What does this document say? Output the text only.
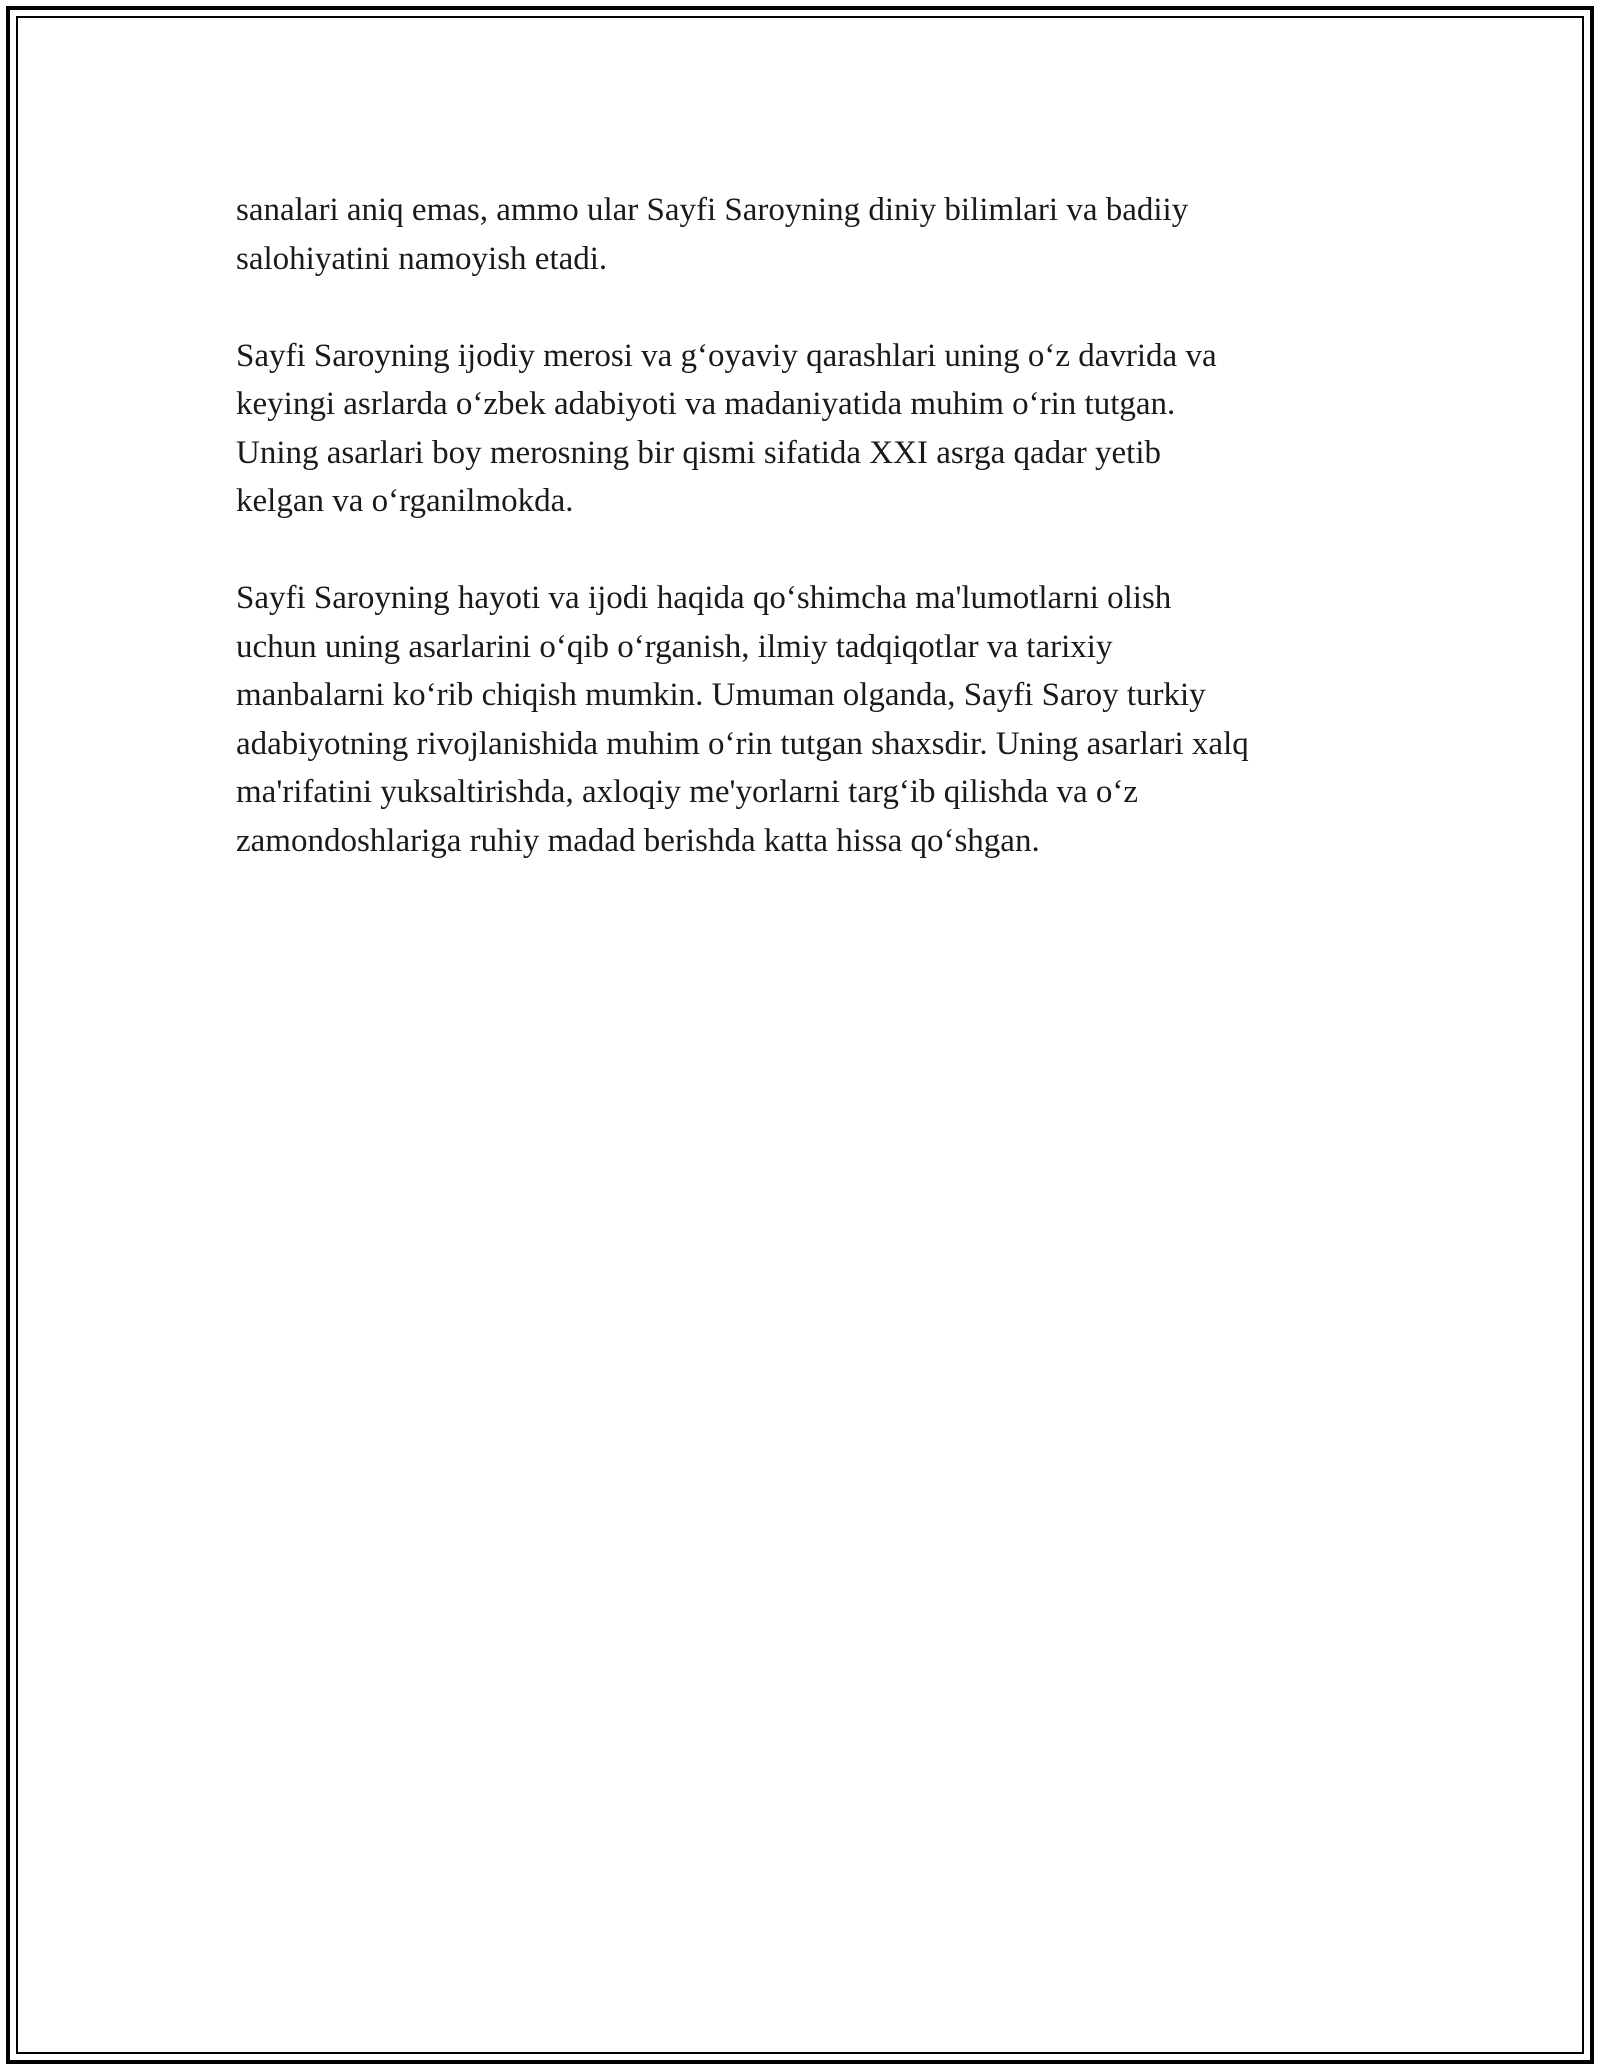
sanalari aniq emas, ammo ular Sayfi Saroyning diniy bilimlari va badiiy
salohiyatini namoyish etadi.

Sayfi Saroyning ijodiy merosi va g‘oyaviy qarashlari uning o‘z davrida va
keyingi asrlarda o‘zbek adabiyoti va madaniyatida muhim o‘rin tutgan.
Uning asarlari boy merosning bir qismi sifatida XXI asrga qadar yetib
kelgan va o‘rganilmokda.

Sayfi Saroyning hayoti va ijodi haqida qo‘shimcha ma'lumotlarni olish
uchun uning asarlarini o‘qib o‘rganish, ilmiy tadqiqotlar va tarixiy
manbalarni ko‘rib chiqish mumkin. Umuman olganda, Sayfi Saroy turkiy
adabiyotning rivojlanishida muhim o‘rin tutgan shaxsdir. Uning asarlari xalq
ma'rifatini yuksaltirishda, axloqiy me'yorlarni targ‘ib qilishda va o‘z
zamondoshlariga ruhiy madad berishda katta hissa qo‘shgan.
